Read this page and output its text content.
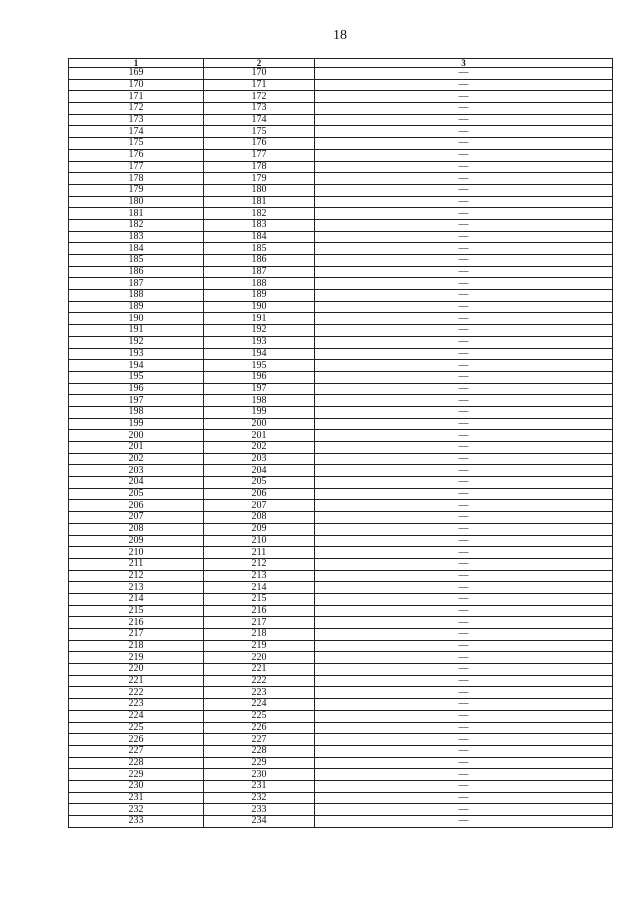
18
1	2	3
169	170	—
170	171	—
171	172	—
172	173	—
173	174	—
174	175	—
175	176	—
176	177	—
177	178	—
178	179	—
179	180	—
180	181	—
181	182	—
182	183	—
183	184	—
184	185	—
185	186	—
186	187	—
187	188	—
188	189	—
189	190	—
190	191	—
191	192	—
192	193	—
193	194	—
194	195	—
195	196	—
196	197	—
197	198	—
198	199	—
199	200	—
200	201	—
201	202	—
202	203	—
203	204	—
204	205	—
205	206	—
206	207	—
207	208	—
208	209	—
209	210	—
210	211	—
211	212	—
212	213	—
213	214	—
214	215	—
215	216	—
216	217	—
217	218	—
218	219	—
219	220	—
220	221	—
221	222	—
222	223	—
223	224	—
224	225	—
225	226	—
226	227	—
227	228	—
228	229	—
229	230	—
230	231	—
231	232	—
232	233	—
233	234	—
